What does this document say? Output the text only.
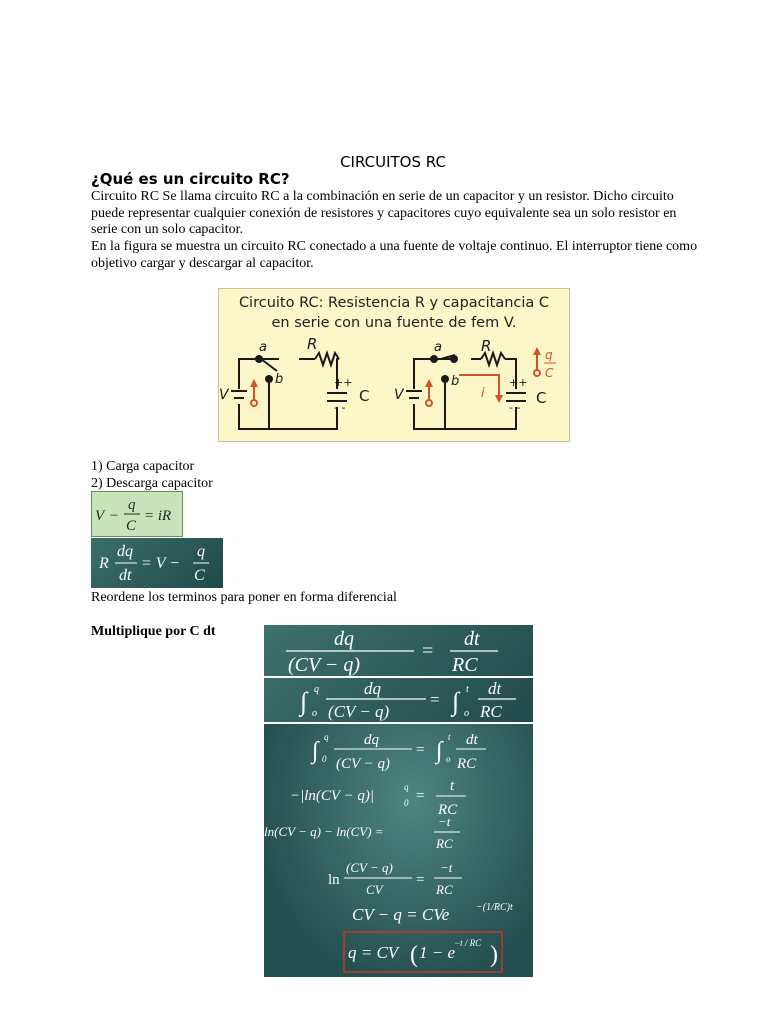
CIRCUITOS RC
¿Qué es un circuito RC?
Circuito RC Se llama circuito RC a la combinación en serie de un capacitor y un resistor. Dicho circuito puede representar cualquier conexión de resistores y capacitores cuyo equivalente sea un solo resistor en serie con un solo capacitor.
En la figura se muestra un circuito RC conectado a una fuente de voltaje continuo. El interruptor tiene como objetivo cargar y descargar al capacitor.
Circuito RC: Resistencia R y capacitancia C
en serie con una fuente de fem V.
a
b
R
C
V
++
- -
a
b
R
C
V
++
- -
i
q
C
1) Carga capacitor
2) Descarga capacitor
V −
q
C
= iR
R
dq
dt
= V −
q
C
Reordene los terminos para poner en forma diferencial
Multiplique por C dt	dq
(CV − q)
=
dt
RC
∫ q
o
dq
(CV − q)
= ∫ t
o
dt
RC
∫
q
0
dq
(CV − q)
= ∫
t
o
dt
RC
−|ln(CV − q)|
q
0 =
t
RC
ln(CV − q) − ln(CV) =
−t
RC
ln
(CV − q)
CV
=
−t
RC
CV − q = CVe	−(1/RC)t
q = CV ( 1 − e
−t / RC )
